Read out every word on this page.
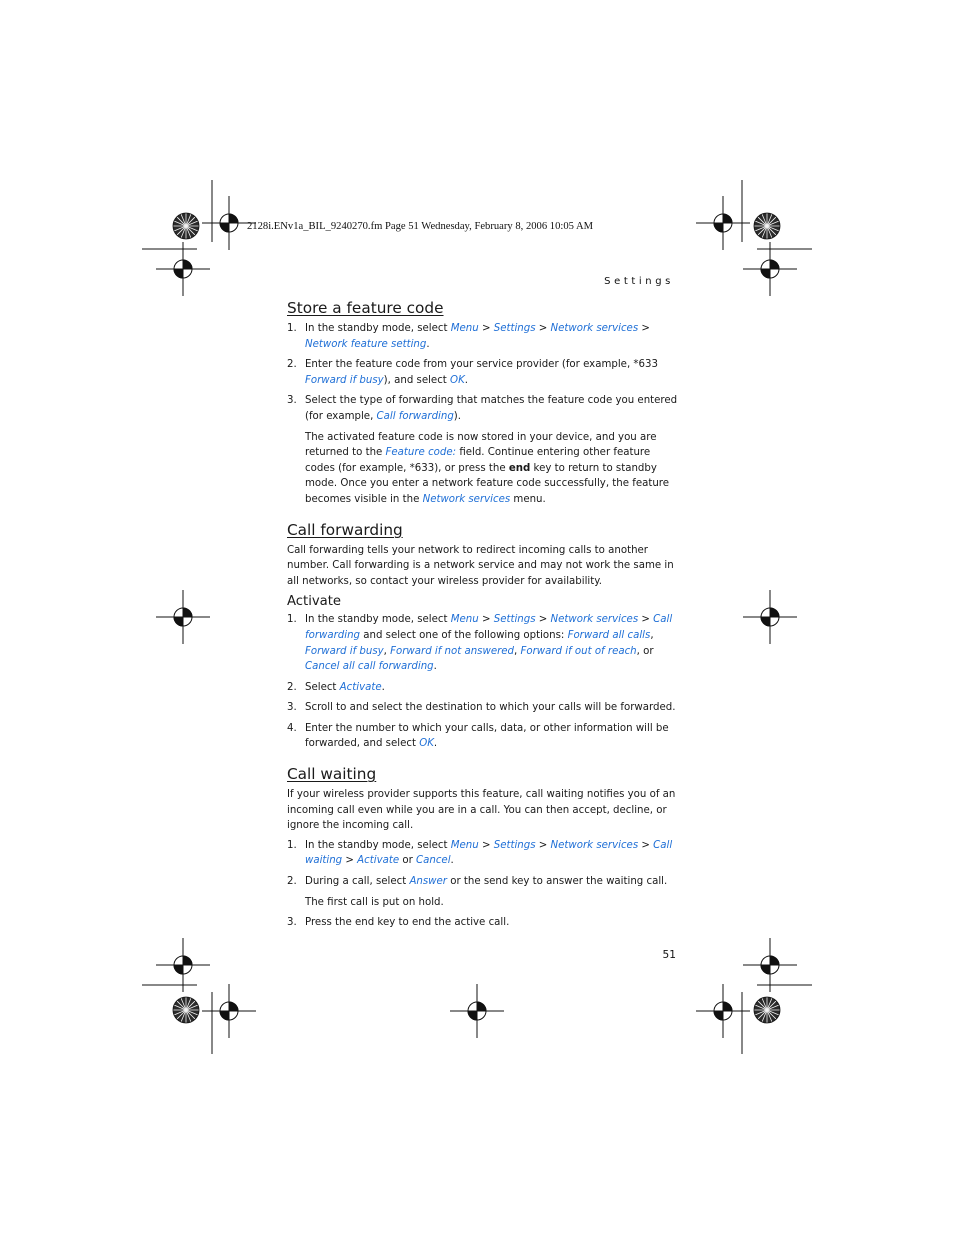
2128i.ENv1a_BIL_9240270.fm Page 51 Wednesday, February 8, 2006 10:05 AM
Settings
Store a feature code
1. In the standby mode, select Menu > Settings > Network services > Network feature setting.
2. Enter the feature code from your service provider (for example, *633 Forward if busy), and select OK.
3. Select the type of forwarding that matches the feature code you entered (for example, Call forwarding).

The activated feature code is now stored in your device, and you are returned to the Feature code: field. Continue entering other feature codes (for example, *633), or press the end key to return to standby mode. Once you enter a network feature code successfully, the feature becomes visible in the Network services menu.

Call forwarding

Call forwarding tells your network to redirect incoming calls to another number. Call forwarding is a network service and may not work the same in all networks, so contact your wireless provider for availability.

Activate
1. In the standby mode, select Menu > Settings > Network services > Call forwarding and select one of the following options: Forward all calls, Forward if busy, Forward if not answered, Forward if out of reach, or Cancel all call forwarding.
2. Select Activate.
3. Scroll to and select the destination to which your calls will be forwarded.
4. Enter the number to which your calls, data, or other information will be forwarded, and select OK.
Call waiting

If your wireless provider supports this feature, call waiting notifies you of an incoming call even while you are in a call. You can then accept, decline, or ignore the incoming call.

1. In the standby mode, select Menu > Settings > Network services > Call waiting > Activate or Cancel.
2. During a call, select Answer or the send key to answer the waiting call.

The first call is put on hold.

3. Press the end key to end the active call.
51
